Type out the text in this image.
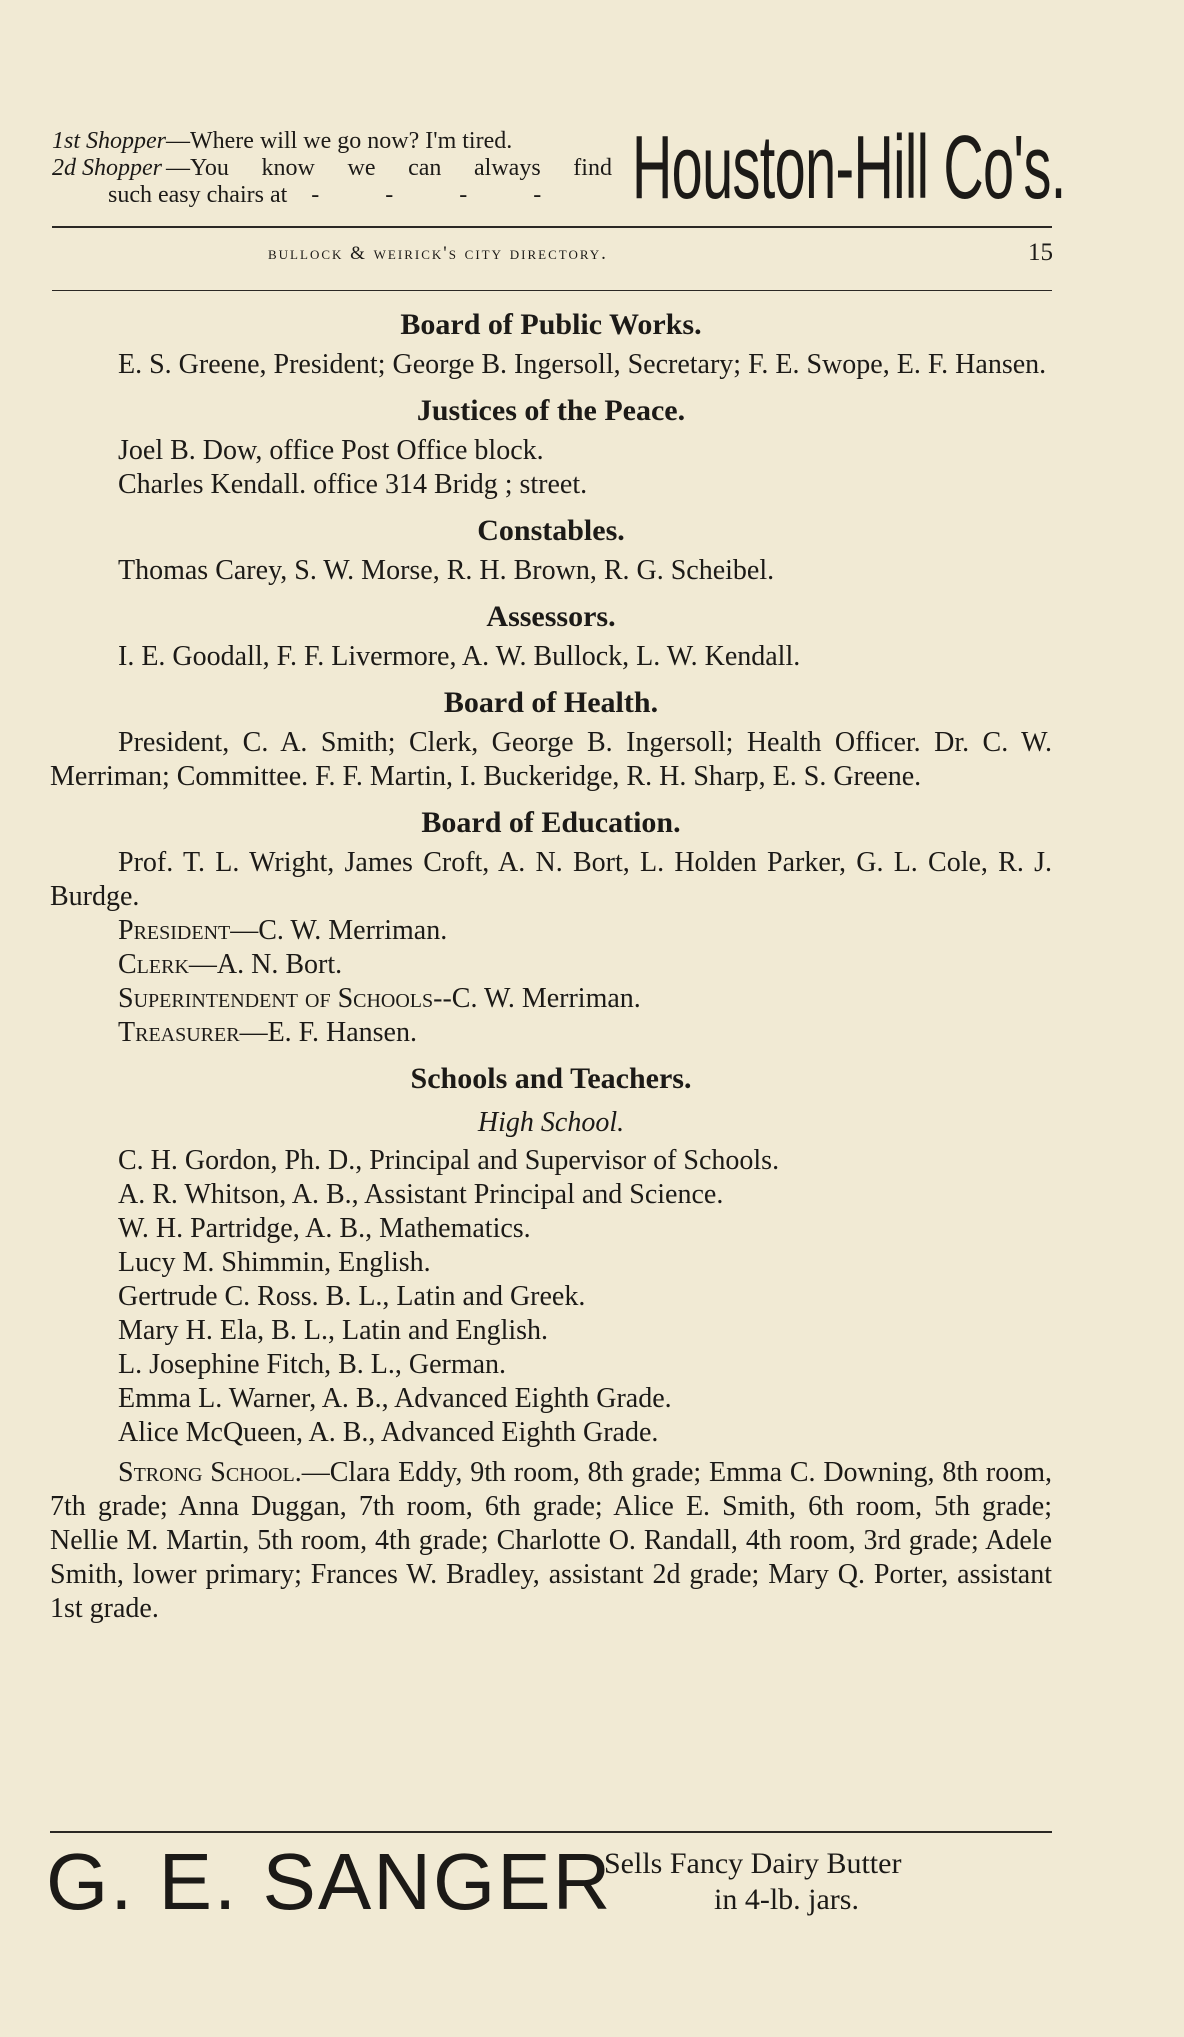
1st Shopper —Where will we go now? I'm tired.
2d Shopper —You know we can always find
such easy chairs at - - - - Houston-Hill Co's.
bullock & weirick's city directory.	15
Board of Public Works.

E. S. Greene, President; George B. Ingersoll, Secretary; F. E. Swope, E. F. Hansen.

Justices of the Peace.
Joel B. Dow, office Post Office block.
Charles Kendall. office 314 Bridg ; street.
Constables.

Thomas Carey, S. W. Morse, R. H. Brown, R. G. Scheibel.

Assessors.

I. E. Goodall, F. F. Livermore, A. W. Bullock, L. W. Kendall.

Board of Health.

President, C. A. Smith; Clerk, George B. Ingersoll; Health Officer. Dr. C. W. Merriman; Committee. F. F. Martin, I. Buckeridge, R. H. Sharp, E. S. Greene.

Board of Education.

Prof. T. L. Wright, James Croft, A. N. Bort, L. Holden Parker, G. L. Cole, R. J. Burdge.

President—C. W. Merriman.
Clerk—A. N. Bort.
Superintendent of Schools--C. W. Merriman.
Treasurer—E. F. Hansen.
Schools and Teachers.
High School.
C. H. Gordon, Ph. D., Principal and Supervisor of Schools.
A. R. Whitson, A. B., Assistant Principal and Science.
W. H. Partridge, A. B., Mathematics.
Lucy M. Shimmin, English.
Gertrude C. Ross. B. L., Latin and Greek.
Mary H. Ela, B. L., Latin and English.
L. Josephine Fitch, B. L., German.
Emma L. Warner, A. B., Advanced Eighth Grade.
Alice McQueen, A. B., Advanced Eighth Grade.

Strong School.—Clara Eddy, 9th room, 8th grade; Emma C. Downing, 8th room, 7th grade; Anna Duggan, 7th room, 6th grade; Alice E. Smith, 6th room, 5th grade; Nellie M. Martin, 5th room, 4th grade; Charlotte O. Randall, 4th room, 3rd grade; Adele Smith, lower primary; Frances W. Bradley, assistant 2d grade; Mary Q. Porter, assistant 1st grade.

G. E. SANGER
Sells Fancy Dairy Butter
in 4-lb. jars.
